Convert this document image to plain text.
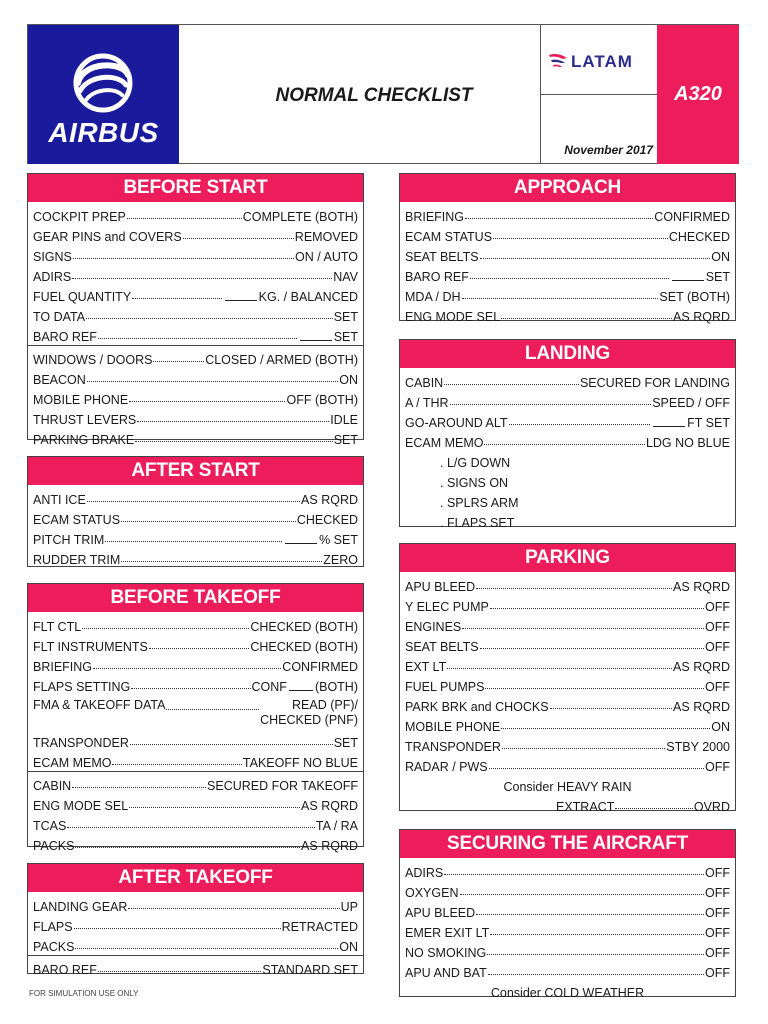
AIRBUS
NORMAL CHECKLIST
LATAM
November 2017
A320
BEFORE START
COCKPIT PREP	COMPLETE (BOTH)
GEAR PINS and COVERS	REMOVED
SIGNS	ON / AUTO
ADIRS	NAV
FUEL QUANTITY	KG. / BALANCED
TO DATA	SET
BARO REF	SET
WINDOWS / DOORS	CLOSED / ARMED (BOTH)
BEACON	ON
MOBILE PHONE	OFF (BOTH)
THRUST LEVERS	IDLE
PARKING BRAKE	SET
AFTER START
ANTI ICE	AS RQRD
ECAM STATUS	CHECKED
PITCH TRIM	% SET
RUDDER TRIM	ZERO
BEFORE TAKEOFF
FLT CTL	CHECKED (BOTH)
FLT INSTRUMENTS	CHECKED (BOTH)
BRIEFING	CONFIRMED
FLAPS SETTING	CONF (BOTH)
FMA & TAKEOFF DATA	READ (PF)/
CHECKED (PNF)
TRANSPONDER	SET
ECAM MEMO	TAKEOFF NO BLUE
CABIN	SECURED FOR TAKEOFF
ENG MODE SEL	AS RQRD
TCAS	TA / RA
PACKS	AS RQRD
AFTER TAKEOFF
LANDING GEAR	UP
FLAPS	RETRACTED
PACKS	ON
BARO REF	STANDARD SET
APPROACH
BRIEFING	CONFIRMED
ECAM STATUS	CHECKED
SEAT BELTS	ON
BARO REF	SET
MDA / DH	SET (BOTH)
ENG MODE SEL	AS RQRD
LANDING
CABIN	SECURED FOR LANDING
A / THR	SPEED / OFF
GO-AROUND ALT	FT SET
ECAM MEMO	LDG NO BLUE
. L/G DOWN
. SIGNS ON
. SPLRS ARM
. FLAPS SET
PARKING
APU BLEED	AS RQRD
Y ELEC PUMP	OFF
ENGINES	OFF
SEAT BELTS	OFF
EXT LT	AS RQRD
FUEL PUMPS	OFF
PARK BRK and CHOCKS	AS RQRD
MOBILE PHONE	ON
TRANSPONDER	STBY 2000
RADAR / PWS	OFF
Consider HEAVY RAIN
EXTRACT	OVRD
SECURING THE AIRCRAFT
ADIRS	OFF
OXYGEN	OFF
APU BLEED	OFF
EMER EXIT LT	OFF
NO SMOKING	OFF
APU AND BAT	OFF
Consider COLD WEATHER
FOR SIMULATION USE ONLY
